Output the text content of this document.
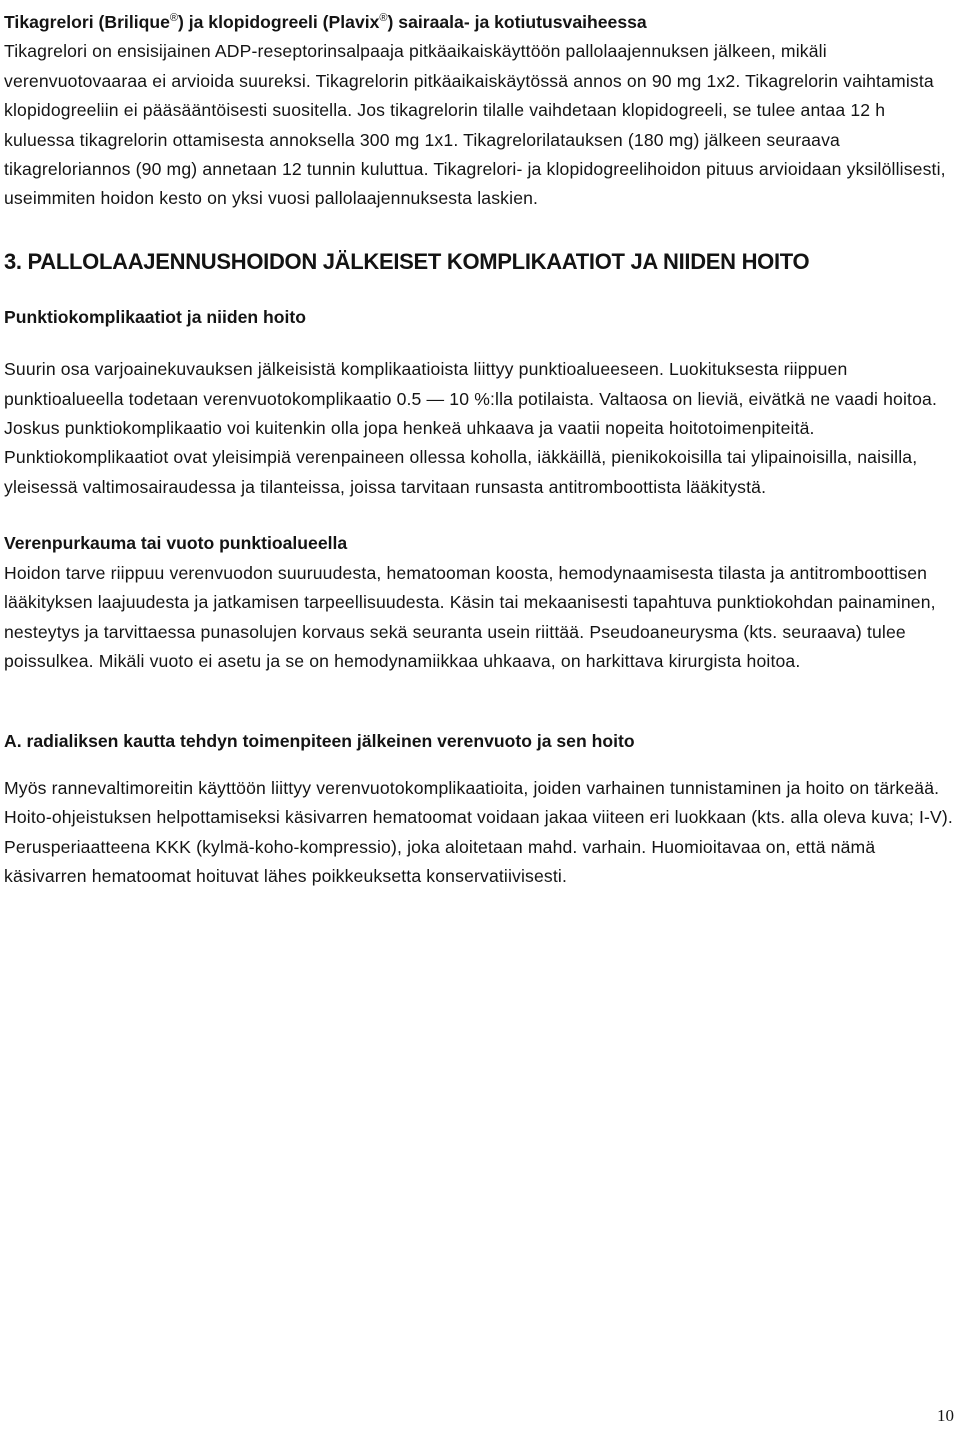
Tikagrelori (Brilique®) ja klopidogreeli (Plavix®) sairaala- ja kotiutusvaiheessa

Tikagrelori on ensisijainen ADP-reseptorinsalpaaja pitkäaikaiskäyttöön pallolaajennuksen jälkeen, mikäli verenvuotovaaraa ei arvioida suureksi. Tikagrelorin pitkäaikaiskäytössä annos on 90 mg 1x2. Tikagrelorin vaihtamista klopidogreeliin ei pääsääntöisesti suositella. Jos tikagrelorin tilalle vaihdetaan klopidogreeli, se tulee antaa 12 h kuluessa tikagrelorin ottamisesta annoksella 300 mg 1x1. Tikagrelorilatauksen (180 mg) jälkeen seuraava tikagreloriannos (90 mg) annetaan 12 tunnin kuluttua. Tikagrelori- ja klopidogreelihoidon pituus arvioidaan yksilöllisesti, useimmiten hoidon kesto on yksi vuosi pallolaajennuksesta laskien.

3. PALLOLAAJENNUSHOIDON JÄLKEISET KOMPLIKAATIOT JA NIIDEN HOITO
Punktiokomplikaatiot ja niiden hoito

Suurin osa varjoainekuvauksen jälkeisistä komplikaatioista liittyy punktioalueeseen. Luokituksesta riippuen punktioalueella todetaan verenvuotokomplikaatio 0.5 — 10 %:lla potilaista. Valtaosa on lieviä, eivätkä ne vaadi hoitoa. Joskus punktiokomplikaatio voi kuitenkin olla jopa henkeä uhkaava ja vaatii nopeita hoitotoimenpiteitä. Punktiokomplikaatiot ovat yleisimpiä verenpaineen ollessa koholla, iäkkäillä, pienikokoisilla tai ylipainoisilla, naisilla, yleisessä valtimosairaudessa ja tilanteissa, joissa tarvitaan runsasta antitromboottista lääkitystä.

Verenpurkauma tai vuoto punktioalueella

Hoidon tarve riippuu verenvuodon suuruudesta, hematooman koosta, hemodynaamisesta tilasta ja antitromboottisen lääkityksen laajuudesta ja jatkamisen tarpeellisuudesta. Käsin tai mekaanisesti tapahtuva punktiokohdan painaminen, nesteytys ja tarvittaessa punasolujen korvaus sekä seuranta usein riittää. Pseudoaneurysma (kts. seuraava) tulee poissulkea. Mikäli vuoto ei asetu ja se on hemodynamiikkaa uhkaava, on harkittava kirurgista hoitoa.

A. radialiksen kautta tehdyn toimenpiteen jälkeinen verenvuoto ja sen hoito

Myös rannevaltimoreitin käyttöön liittyy verenvuotokomplikaatioita, joiden varhainen tunnistaminen ja hoito on tärkeää. Hoito-ohjeistuksen helpottamiseksi käsivarren hematoomat voidaan jakaa viiteen eri luokkaan (kts. alla oleva kuva; I-V). Perusperiaatteena KKK (kylmä-koho-kompressio), joka aloitetaan mahd. varhain. Huomioitavaa on, että nämä käsivarren hematoomat hoituvat lähes poikkeuksetta konservatiivisesti.

10
